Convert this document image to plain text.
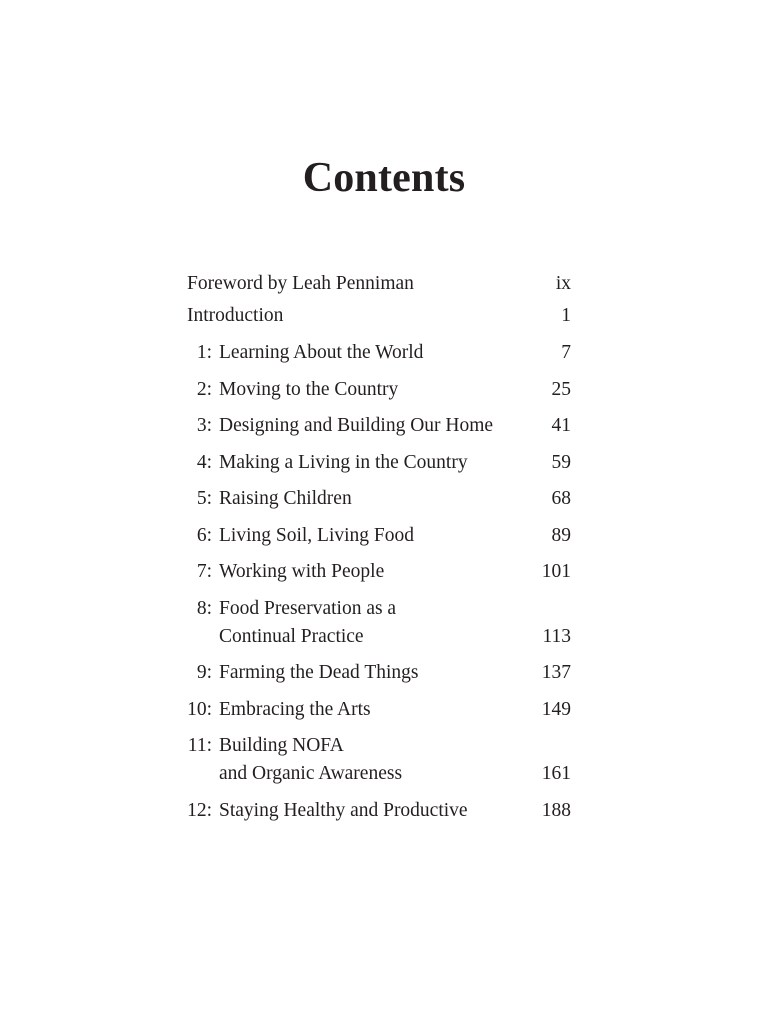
Contents
Foreword by Leah Penniman	ix
Introduction	1
1: Learning About the World	7
2: Moving to the Country	25
3: Designing and Building Our Home	41
4: Making a Living in the Country	59
5: Raising Children	68
6: Living Soil, Living Food	89
7: Working with People	101
8: Food Preservation as a
Continual Practice	113
9: Farming the Dead Things	137
10: Embracing the Arts	149
11: Building NOFA
and Organic Awareness	161
12: Staying Healthy and Productive	188
